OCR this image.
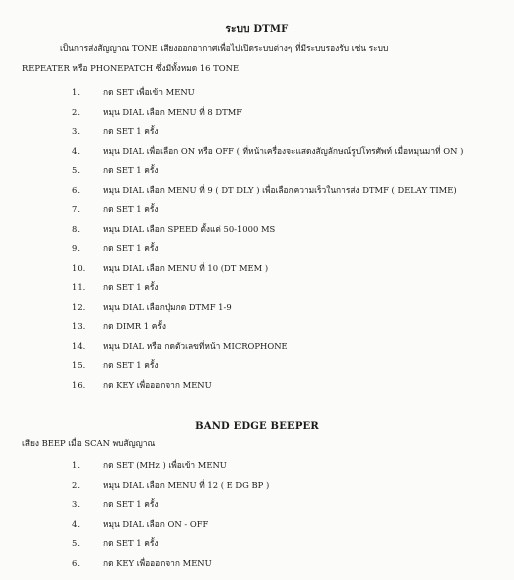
ระบบ DTMF
เป็นการส่งสัญญาณ TONE เสียงออกอากาศเพื่อไปเปิดระบบต่างๆ ที่มีระบบรองรับ เช่น ระบบ
REPEATER หรือ PHONEPATCH ซึ่งมีทั้งหมด 16 TONE
1.	กด SET เพื่อเข้า MENU
2.	หมุน DIAL เลือก MENU ที่ 8 DTMF
3.	กด SET 1 ครั้ง
4.	หมุน DIAL เพื่อเลือก ON หรือ OFF ( ที่หน้าเครื่องจะแสดงสัญลักษณ์รูปโทรศัพท์ เมื่อหมุนมาที่ ON )
5.	กด SET 1 ครั้ง
6.	หมุน DIAL เลือก MENU ที่ 9 ( DT DLY ) เพื่อเลือกความเร็วในการส่ง DTMF ( DELAY TIME)
7.	กด SET 1 ครั้ง
8.	หมุน DIAL เลือก SPEED ตั้งแต่ 50-1000 MS
9.	กด SET 1 ครั้ง
10.	หมุน DIAL เลือก MENU ที่ 10 (DT MEM )
11.	กด SET 1 ครั้ง
12.	หมุน DIAL เลือกปุ่มกด DTMF 1-9
13.	กด DIMR 1 ครั้ง
14.	หมุน DIAL หรือ กดตัวเลขที่หน้า MICROPHONE
15.	กด SET 1 ครั้ง
16.	กด KEY เพื่อออกจาก MENU
BAND EDGE BEEPER
เสียง BEEP เมื่อ SCAN พบสัญญาณ
1.	กด SET (MHz ) เพื่อเข้า MENU
2.	หมุน DIAL เลือก MENU ที่ 12 ( E DG BP )
3.	กด SET 1 ครั้ง
4.	หมุน DIAL เลือก ON - OFF
5.	กด SET 1 ครั้ง
6.	กด KEY เพื่อออกจาก MENU
